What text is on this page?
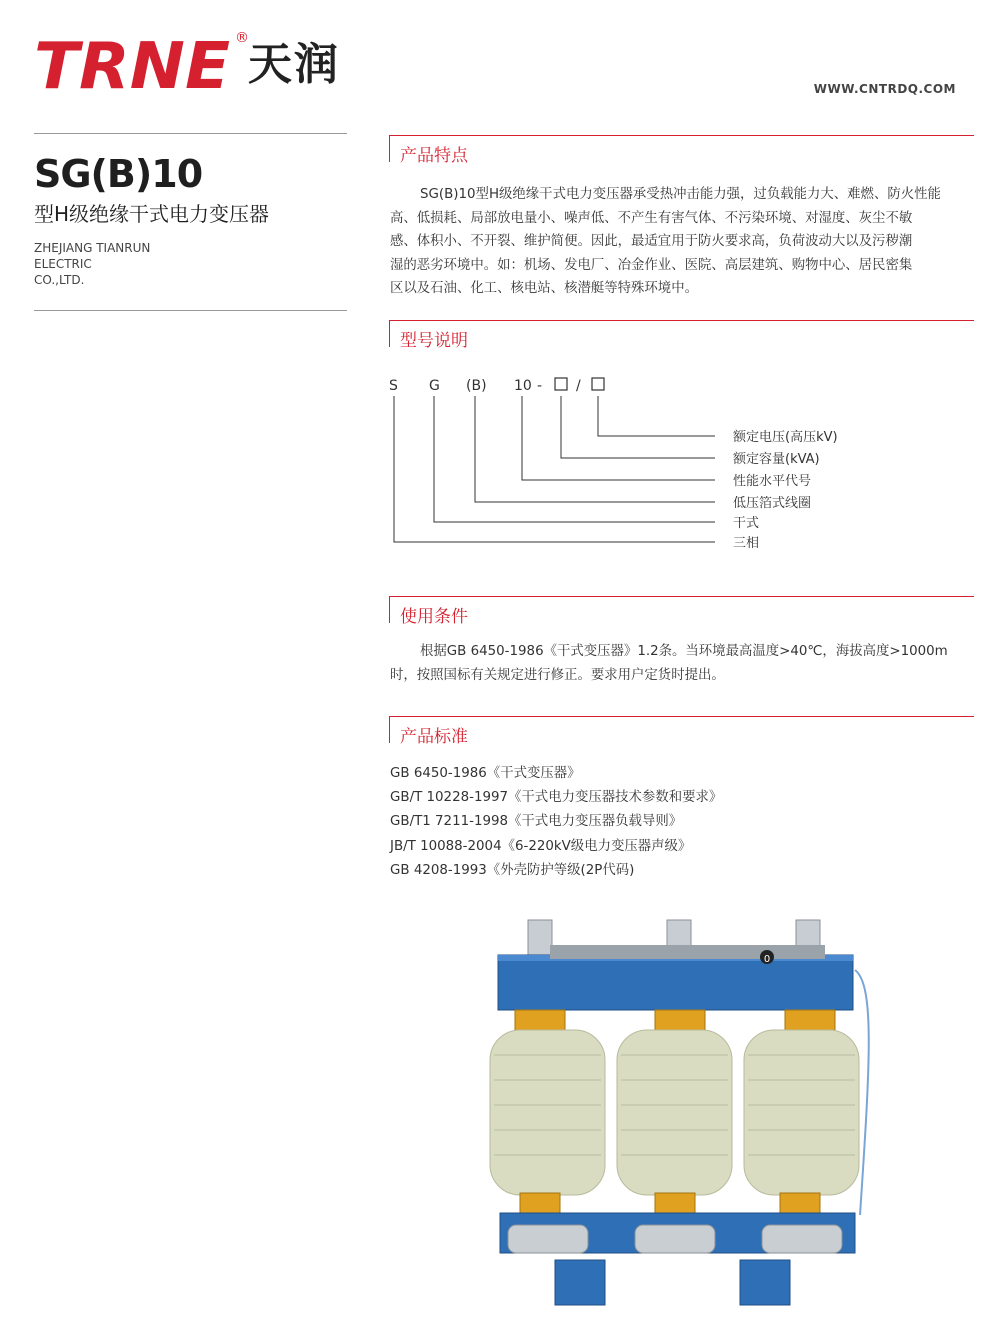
TRNE ®
天润	WWW.CNTRDQ.COM
SG(B)10
型H级绝缘干式电力变压器
ZHEJIANG TIANRUN
ELECTRIC
CO.,LTD.
产品特点
SG(B)10型H级绝缘干式电力变压器承受热冲击能力强，过负载能力大、难燃、防火性能
高、低损耗、局部放电量小、噪声低、不产生有害气体、不污染环境、对湿度、灰尘不敏
感、体积小、不开裂、维护简便。因此，最适宜用于防火要求高，负荷波动大以及污秽潮
湿的恶劣环境中。如：机场、发电厂、冶金作业、医院、高层建筑、购物中心、居民密集
区以及石油、化工、核电站、核潜艇等特殊环境中。
型号说明
S G (B) 10 - /
额定电压(高压kV)
额定容量(kVA)
性能水平代号
低压箔式线圈
干式
三相
使用条件
根据GB 6450-1986《干式变压器》1.2条。当环境最高温度>40℃，海拔高度>1000m
时，按照国标有关规定进行修正。要求用户定货时提出。
产品标准
GB 6450-1986《干式变压器》
GB/T 10228-1997《干式电力变压器技术参数和要求》
GB/T1 7211-1998《干式电力变压器负载导则》
JB/T 10088-2004《6-220kV级电力变压器声级》
GB 4208-1993《外壳防护等级(2P代码)
0
